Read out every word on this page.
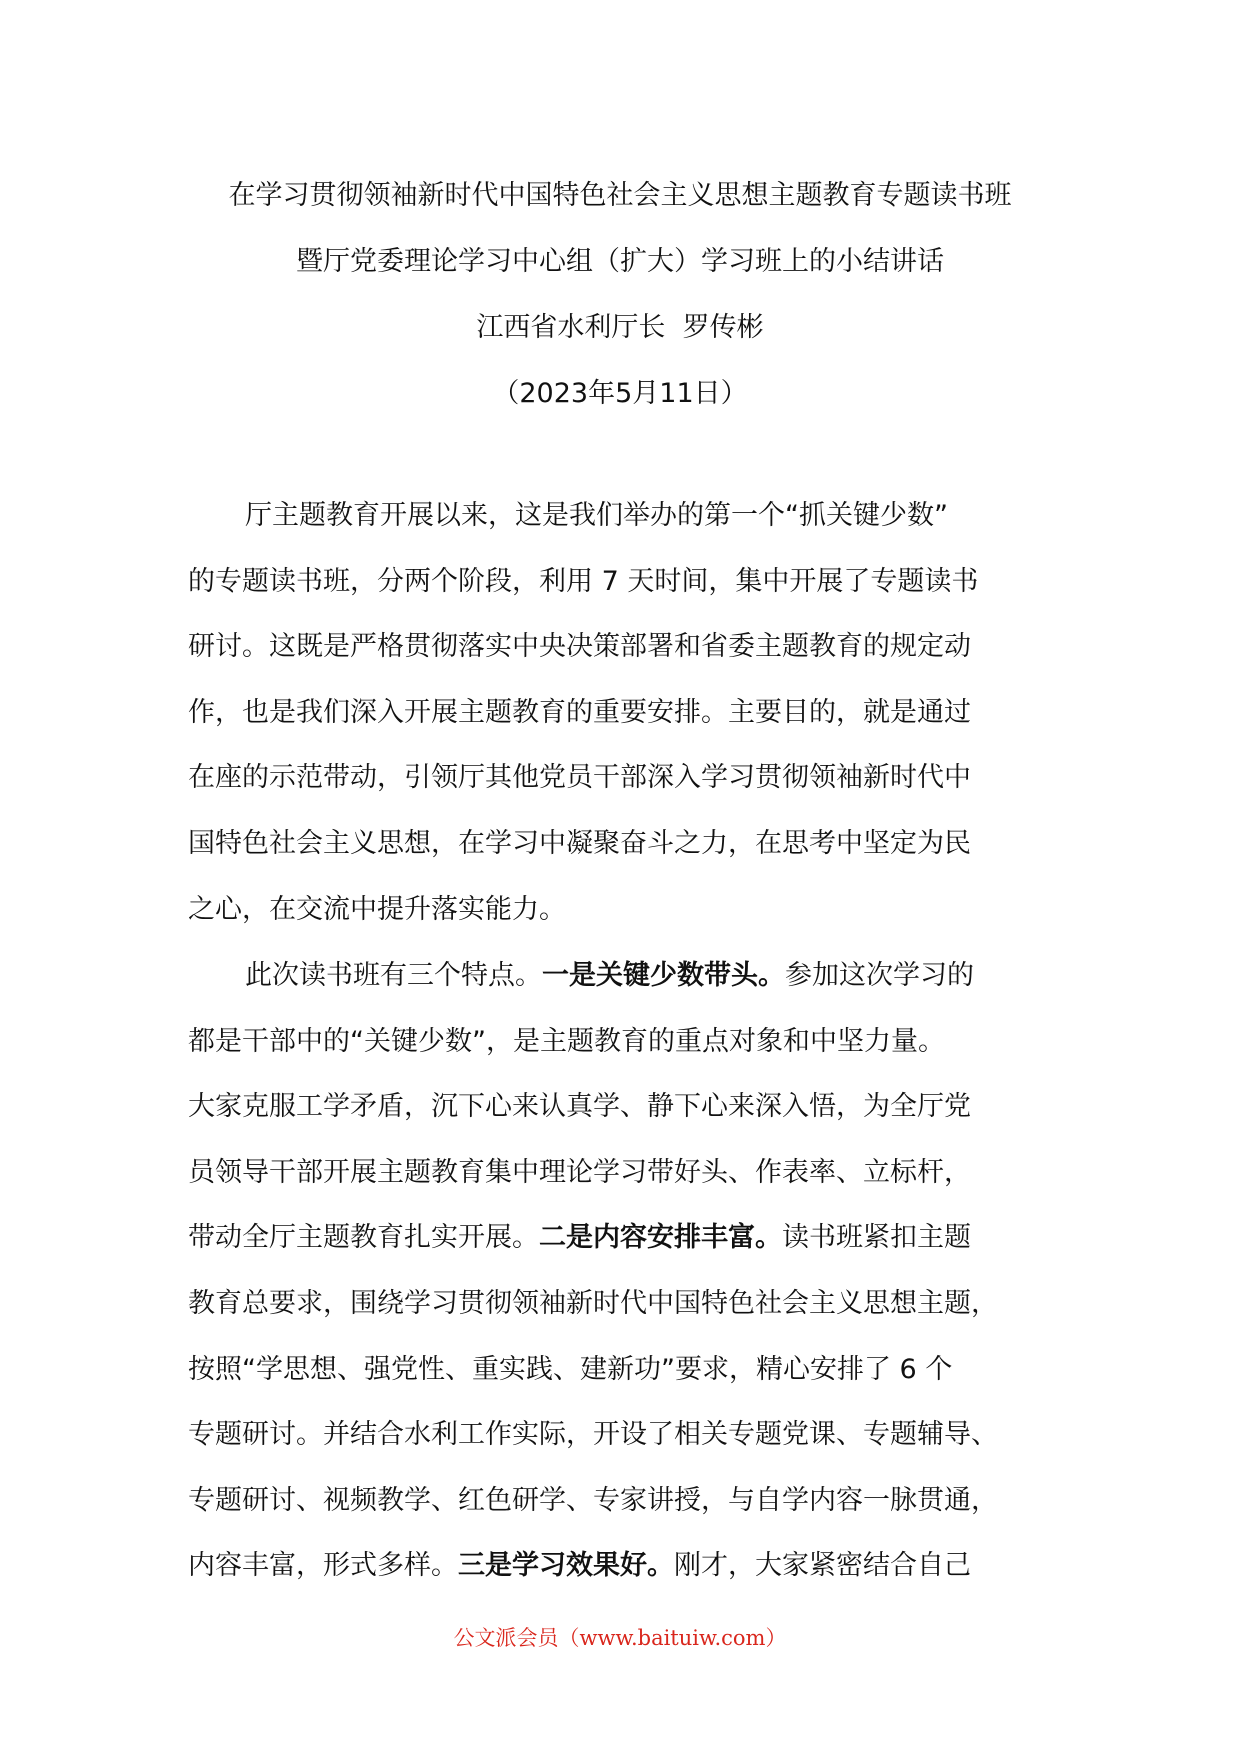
在学习贯彻领袖新时代中国特色社会主义思想主题教育专题读书班
暨厅党委理论学习中心组（扩大）学习班上的小结讲话
江西省水利厅长  罗传彬
（2023年5月11日）
厅主题教育开展以来，这是我们举办的第一个“抓关键少数”
的专题读书班，分两个阶段，利用 7 天时间，集中开展了专题读书
研讨。这既是严格贯彻落实中央决策部署和省委主题教育的规定动
作，也是我们深入开展主题教育的重要安排。主要目的，就是通过
在座的示范带动，引领厅其他党员干部深入学习贯彻领袖新时代中
国特色社会主义思想，在学习中凝聚奋斗之力，在思考中坚定为民
之心，在交流中提升落实能力。
此次读书班有三个特点。一是关键少数带头。参加这次学习的
都是干部中的“关键少数”，是主题教育的重点对象和中坚力量。
大家克服工学矛盾，沉下心来认真学、静下心来深入悟，为全厅党
员领导干部开展主题教育集中理论学习带好头、作表率、立标杆，
带动全厅主题教育扎实开展。二是内容安排丰富。读书班紧扣主题
教育总要求，围绕学习贯彻领袖新时代中国特色社会主义思想主题，
按照“学思想、强党性、重实践、建新功”要求，精心安排了 6 个
专题研讨。并结合水利工作实际，开设了相关专题党课、专题辅导、
专题研讨、视频教学、红色研学、专家讲授，与自学内容一脉贯通，
内容丰富，形式多样。三是学习效果好。刚才，大家紧密结合自己
公文派会员（www.baituiw.com）
